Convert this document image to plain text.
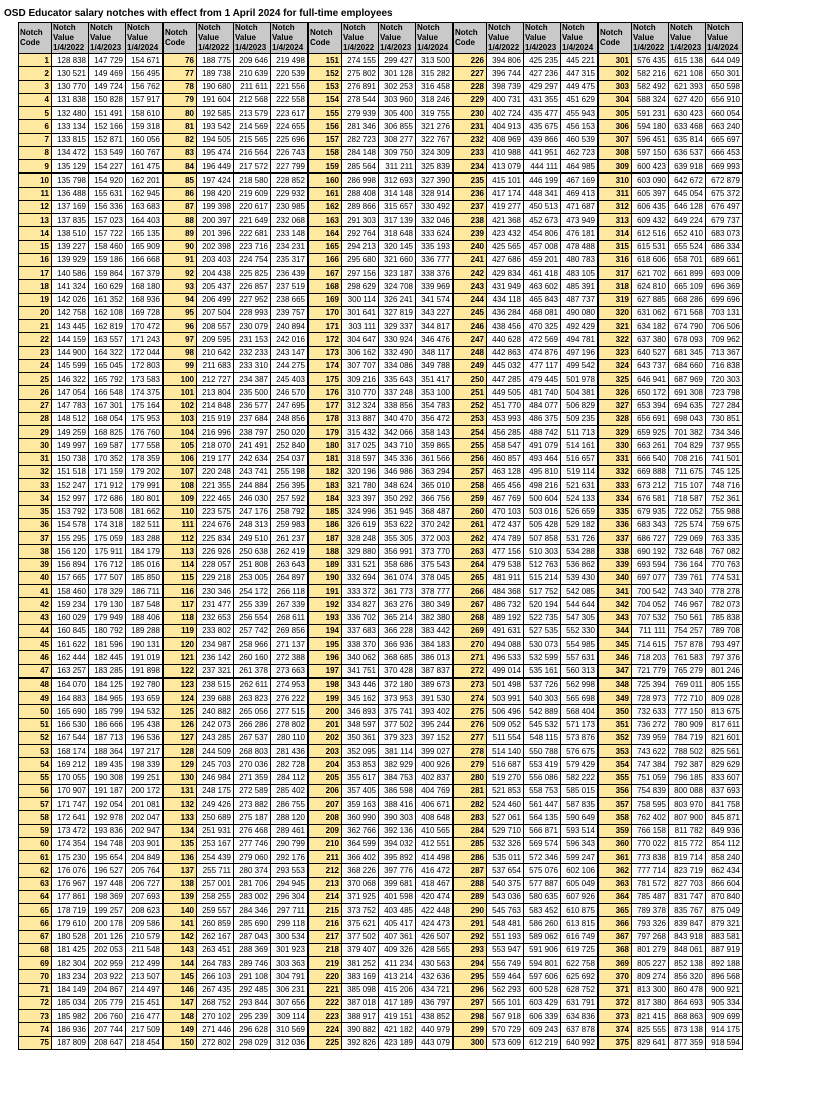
OSD Educator salary notches with effect from 1 April 2024 for full-time employees
Notch
Code	Notch
Value
1/4/2022	Notch
Value
1/4/2023	Notch
Value
1/4/2024
1	128 838	147 729	154 671
2	130 521	149 469	156 495
3	130 770	149 724	156 762
4	131 838	150 828	157 917
5	132 480	151 491	158 610
6	133 134	152 166	159 318
7	133 815	152 871	160 056
8	134 472	153 549	160 767
9	135 129	154 227	161 475
10	135 798	154 920	162 201
11	136 488	155 631	162 945
12	137 169	156 336	163 683
13	137 835	157 023	164 403
14	138 510	157 722	165 135
15	139 227	158 460	165 909
16	139 929	159 186	166 668
17	140 586	159 864	167 379
18	141 324	160 629	168 180
19	142 026	161 352	168 936
20	142 758	162 108	169 728
21	143 445	162 819	170 472
22	144 159	163 557	171 243
23	144 900	164 322	172 044
24	145 599	165 045	172 803
25	146 322	165 792	173 583
26	147 054	166 548	174 375
27	147 783	167 301	175 164
28	148 512	168 054	175 953
29	149 259	168 825	176 760
30	149 997	169 587	177 558
31	150 738	170 352	178 359
32	151 518	171 159	179 202
33	152 247	171 912	179 991
34	152 997	172 686	180 801
35	153 792	173 508	181 662
36	154 578	174 318	182 511
37	155 295	175 059	183 288
38	156 120	175 911	184 179
39	156 894	176 712	185 016
40	157 665	177 507	185 850
41	158 460	178 329	186 711
42	159 234	179 130	187 548
43	160 029	179 949	188 406
44	160 845	180 792	189 288
45	161 622	181 596	190 131
46	162 444	182 445	191 019
47	163 257	183 285	191 898
48	164 070	184 125	192 780
49	164 883	184 965	193 659
50	165 690	185 799	194 532
51	166 530	186 666	195 438
52	167 544	187 713	196 536
53	168 174	188 364	197 217
54	169 212	189 435	198 339
55	170 055	190 308	199 251
56	170 907	191 187	200 172
57	171 747	192 054	201 081
58	172 641	192 978	202 047
59	173 472	193 836	202 947
60	174 354	194 748	203 901
61	175 230	195 654	204 849
62	176 076	196 527	205 764
63	176 967	197 448	206 727
64	177 861	198 369	207 693
65	178 719	199 257	208 623
66	179 610	200 178	209 586
67	180 528	201 126	210 579
68	181 425	202 053	211 548
69	182 304	202 959	212 499
70	183 234	203 922	213 507
71	184 149	204 867	214 497
72	185 034	205 779	215 451
73	185 982	206 760	216 477
74	186 936	207 744	217 509
75	187 809	208 647	218 454
Notch
Code	Notch
Value
1/4/2022	Notch
Value
1/4/2023	Notch
Value
1/4/2024
76	188 775	209 646	219 498
77	189 738	210 639	220 539
78	190 680	211 611	221 556
79	191 604	212 568	222 558
80	192 585	213 579	223 617
81	193 542	214 569	224 655
82	194 505	215 565	225 696
83	195 474	216 564	226 743
84	196 449	217 572	227 799
85	197 424	218 580	228 852
86	198 420	219 609	229 932
87	199 398	220 617	230 985
88	200 397	221 649	232 068
89	201 396	222 681	233 148
90	202 398	223 716	234 231
91	203 403	224 754	235 317
92	204 438	225 825	236 439
93	205 437	226 857	237 519
94	206 499	227 952	238 665
95	207 504	228 993	239 757
96	208 557	230 079	240 894
97	209 595	231 153	242 016
98	210 642	232 233	243 147
99	211 683	233 310	244 275
100	212 727	234 387	245 403
101	213 804	235 500	246 570
102	214 848	236 577	247 695
103	215 919	237 684	248 856
104	216 996	238 797	250 020
105	218 070	241 491	252 840
106	219 177	242 634	254 037
107	220 248	243 741	255 198
108	221 355	244 884	256 395
109	222 465	246 030	257 592
110	223 575	247 176	258 792
111	224 676	248 313	259 983
112	225 834	249 510	261 237
113	226 926	250 638	262 419
114	228 057	251 808	263 643
115	229 218	253 005	264 897
116	230 346	254 172	266 118
117	231 477	255 339	267 339
118	232 653	256 554	268 611
119	233 802	257 742	269 856
120	234 987	258 966	271 137
121	236 142	260 160	272 388
122	237 321	261 378	273 663
123	238 515	262 611	274 953
124	239 688	263 823	276 222
125	240 882	265 056	277 515
126	242 073	266 286	278 802
127	243 285	267 537	280 110
128	244 509	268 803	281 436
129	245 703	270 036	282 728
130	246 984	271 359	284 112
131	248 175	272 589	285 402
132	249 426	273 882	286 755
133	250 689	275 187	288 120
134	251 931	276 468	289 461
135	253 167	277 746	290 799
136	254 439	279 060	292 176
137	255 711	280 374	293 553
138	257 001	281 706	294 945
139	258 255	283 002	296 304
140	259 557	284 346	297 711
141	260 859	285 690	299 118
142	262 167	287 043	300 534
143	263 451	288 369	301 923
144	264 783	289 746	303 363
145	266 103	291 108	304 791
146	267 435	292 485	306 231
147	268 752	293 844	307 656
148	270 102	295 239	309 114
149	271 446	296 628	310 569
150	272 802	298 029	312 036
Notch
Code	Notch
Value
1/4/2022	Notch
Value
1/4/2023	Notch
Value
1/4/2024
151	274 155	299 427	313 500
152	275 802	301 128	315 282
153	276 891	302 253	316 458
154	278 544	303 960	318 246
155	279 939	305 400	319 755
156	281 346	306 855	321 276
157	282 723	308 277	322 767
158	284 148	309 750	324 309
159	285 564	311 211	325 839
160	286 998	312 693	327 390
161	288 408	314 148	328 914
162	289 866	315 657	330 492
163	291 303	317 139	332 046
164	292 764	318 648	333 624
165	294 213	320 145	335 193
166	295 680	321 660	336 777
167	297 156	323 187	338 376
168	298 629	324 708	339 969
169	300 114	326 241	341 574
170	301 641	327 819	343 227
171	303 111	329 337	344 817
172	304 647	330 924	346 476
173	306 162	332 490	348 117
174	307 707	334 086	349 788
175	309 216	335 643	351 417
176	310 770	337 248	353 100
177	312 324	338 856	354 783
178	313 887	340 470	356 472
179	315 432	342 066	358 143
180	317 025	343 710	359 865
181	318 597	345 336	361 566
182	320 196	346 986	363 294
183	321 780	348 624	365 010
184	323 397	350 292	366 756
185	324 996	351 945	368 487
186	326 619	353 622	370 242
187	328 248	355 305	372 003
188	329 880	356 991	373 770
189	331 521	358 686	375 543
190	332 694	361 074	378 045
191	333 372	361 773	378 777
192	334 827	363 276	380 349
193	336 702	365 214	382 380
194	337 683	366 228	383 442
195	338 370	366 936	384 183
196	340 062	368 685	386 013
197	341 751	370 428	387 837
198	343 446	372 180	389 673
199	345 162	373 953	391 530
200	346 893	375 741	393 402
201	348 597	377 502	395 244
202	350 361	379 323	397 152
203	352 095	381 114	399 027
204	353 853	382 929	400 926
205	355 617	384 753	402 837
206	357 405	386 598	404 769
207	359 163	388 416	406 671
208	360 990	390 303	408 648
209	362 766	392 136	410 565
210	364 599	394 032	412 551
211	366 402	395 892	414 498
212	368 226	397 776	416 472
213	370 068	399 681	418 467
214	371 925	401 598	420 474
215	373 752	403 485	422 448
216	375 621	405 417	424 473
217	377 502	407 361	426 507
218	379 407	409 326	428 565
219	381 252	411 234	430 563
220	383 169	413 214	432 636
221	385 098	415 206	434 721
222	387 018	417 189	436 797
223	388 917	419 151	438 852
224	390 882	421 182	440 979
225	392 826	423 189	443 079
Notch
Code	Notch
Value
1/4/2022	Notch
Value
1/4/2023	Notch
Value
1/4/2024
226	394 806	425 235	445 221
227	396 744	427 236	447 315
228	398 739	429 297	449 475
229	400 731	431 355	451 629
230	402 724	435 477	455 943
231	404 913	435 675	456 153
232	408 969	439 866	460 539
233	410 988	441 951	462 723
234	413 079	444 111	464 985
235	415 101	446 199	467 169
236	417 174	448 341	469 413
237	419 277	450 513	471 687
238	421 368	452 673	473 949
239	423 432	454 806	476 181
240	425 565	457 008	478 488
241	427 686	459 201	480 783
242	429 834	461 418	483 105
243	431 949	463 602	485 391
244	434 118	465 843	487 737
245	436 284	468 081	490 080
246	438 456	470 325	492 429
247	440 628	472 569	494 781
248	442 863	474 876	497 196
249	445 032	477 117	499 542
250	447 285	479 445	501 978
251	449 505	481 740	504 381
252	451 770	484 077	506 829
253	453 993	486 375	509 235
254	456 285	488 742	511 713
255	458 547	491 079	514 161
256	460 857	493 464	516 657
257	463 128	495 810	519 114
258	465 456	498 216	521 631
259	467 769	500 604	524 133
260	470 103	503 016	526 659
261	472 437	505 428	529 182
262	474 789	507 858	531 726
263	477 156	510 303	534 288
264	479 538	512 763	536 862
265	481 911	515 214	539 430
266	484 368	517 752	542 085
267	486 732	520 194	544 644
268	489 192	522 735	547 305
269	491 631	527 535	552 330
270	494 088	530 073	554 985
271	496 533	532 599	557 631
272	499 014	535 161	560 313
273	501 498	537 726	562 998
274	503 991	540 303	565 698
275	506 496	542 889	568 404
276	509 052	545 532	571 173
277	511 554	548 115	573 876
278	514 140	550 788	576 675
279	516 687	553 419	579 429
280	519 270	556 086	582 222
281	521 853	558 753	585 015
282	524 460	561 447	587 835
283	527 061	564 135	590 649
284	529 710	566 871	593 514
285	532 326	569 574	596 343
286	535 011	572 346	599 247
287	537 654	575 076	602 106
288	540 375	577 887	605 049
289	543 036	580 635	607 926
290	545 763	583 452	610 875
291	548 481	586 260	613 815
292	551 193	589 062	616 749
293	553 947	591 906	619 725
294	556 749	594 801	622 758
295	559 464	597 606	625 692
296	562 293	600 528	628 752
297	565 101	603 429	631 791
298	567 918	606 339	634 836
299	570 729	609 243	637 878
300	573 609	612 219	640 992
Notch
Code	Notch
Value
1/4/2022	Notch
Value
1/4/2023	Notch
Value
1/4/2024
301	576 435	615 138	644 049
302	582 216	621 108	650 301
303	582 492	621 393	650 598
304	588 324	627 420	656 910
305	591 231	630 423	660 054
306	594 180	633 468	663 240
307	596 451	635 814	665 697
308	597 150	636 537	666 453
309	600 423	639 918	669 993
310	603 090	642 672	672 879
311	605 397	645 054	675 372
312	606 435	646 128	676 497
313	609 432	649 224	679 737
314	612 516	652 410	683 073
315	615 531	655 524	686 334
316	618 606	658 701	689 661
317	621 702	661 899	693 009
318	624 810	665 109	696 369
319	627 885	668 286	699 696
320	631 062	671 568	703 131
321	634 182	674 790	706 506
322	637 380	678 093	709 962
323	640 527	681 345	713 367
324	643 737	684 660	716 838
325	646 941	687 969	720 303
326	650 172	691 308	723 798
327	653 394	694 635	727 284
328	656 691	698 043	730 851
329	659 925	701 382	734 346
330	663 261	704 829	737 955
331	666 540	708 216	741 501
332	669 888	711 675	745 125
333	673 212	715 107	748 716
334	676 581	718 587	752 361
335	679 935	722 052	755 988
336	683 343	725 574	759 675
337	686 727	729 069	763 335
338	690 192	732 648	767 082
339	693 594	736 164	770 763
340	697 077	739 761	774 531
341	700 542	743 340	778 278
342	704 052	746 967	782 073
343	707 532	750 561	785 838
344	711 111	754 257	789 708
345	714 615	757 878	793 497
346	718 203	761 583	797 376
347	721 779	765 279	801 246
348	725 394	769 011	805 155
349	728 973	772 710	809 028
350	732 633	777 150	813 675
351	736 272	780 909	817 611
352	739 959	784 719	821 601
353	743 622	788 502	825 561
354	747 384	792 387	829 629
355	751 059	796 185	833 607
356	754 839	800 088	837 693
357	758 595	803 970	841 758
358	762 402	807 900	845 871
359	766 158	811 782	849 936
360	770 022	815 772	854 112
361	773 838	819 714	858 240
362	777 714	823 719	862 434
363	781 572	827 703	866 604
364	785 487	831 747	870 840
365	789 378	835 767	875 049
366	793 326	839 847	879 321
367	797 268	843 918	883 581
368	801 279	848 061	887 919
369	805 227	852 138	892 188
370	809 274	856 320	896 568
371	813 300	860 478	900 921
372	817 380	864 693	905 334
373	821 415	868 863	909 699
374	825 555	873 138	914 175
375	829 641	877 359	918 594
